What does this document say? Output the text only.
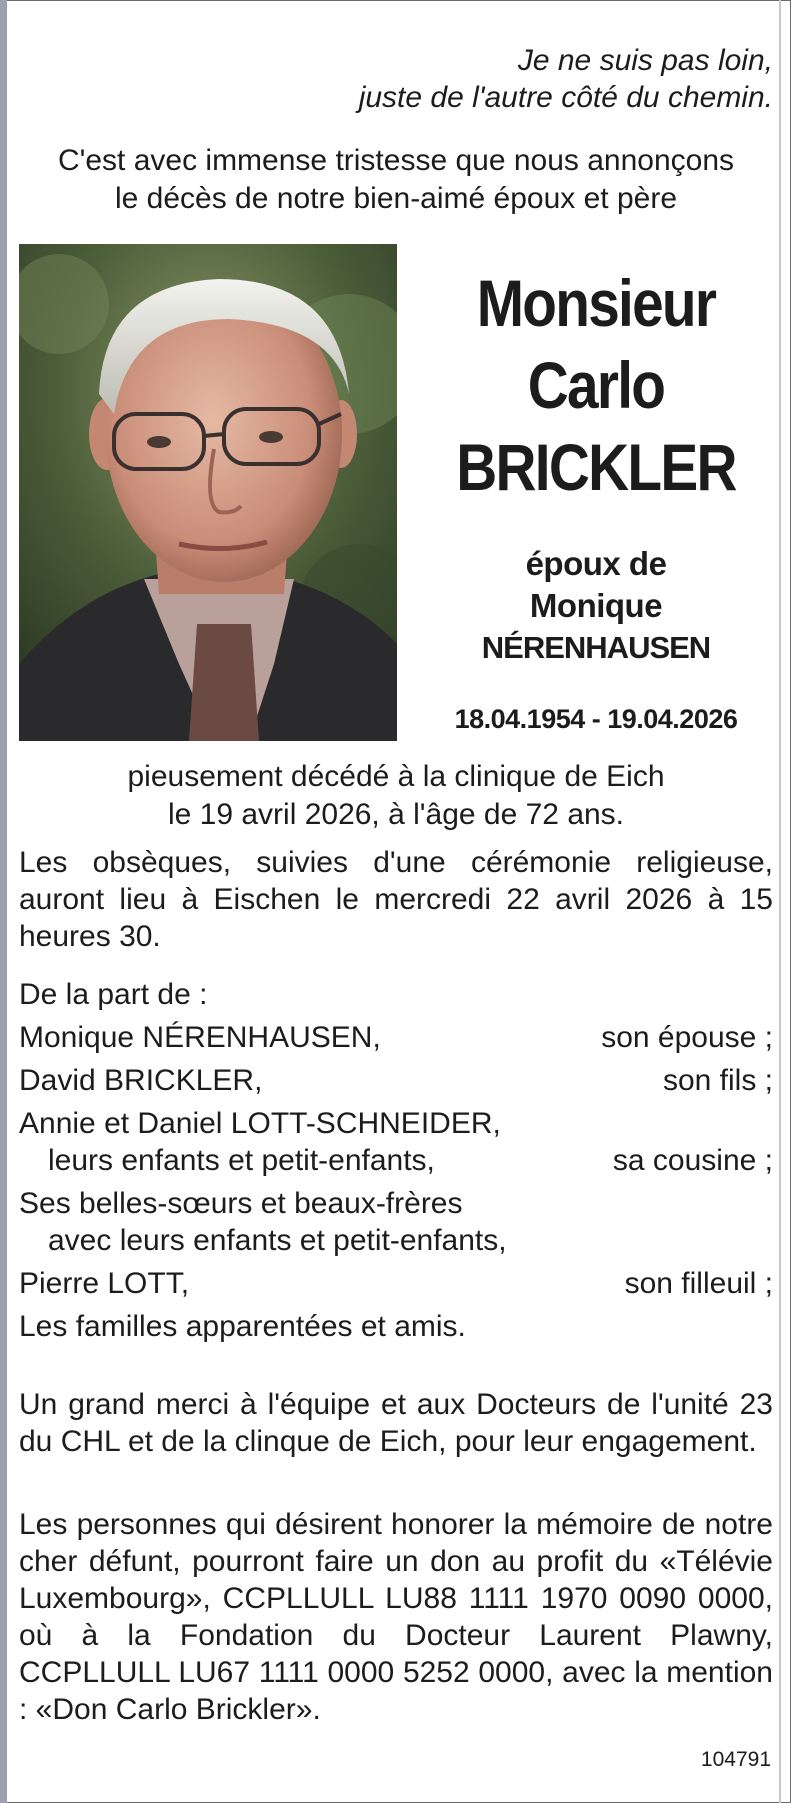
Je ne suis pas loin,
juste de l'autre côté du chemin.
C'est avec immense tristesse que nous annonçons
le décès de notre bien-aimé époux et père
Monsieur
Carlo
BRICKLER
époux de
Monique
NÉRENHAUSEN
18.04.1954 - 19.04.2026
pieusement décédé à la clinique de Eich
le 19 avril 2026, à l'âge de 72 ans.
Les obsèques, suivies d'une cérémonie religieuse, auront lieu à Eischen le mercredi 22 avril 2026 à 15 heures 30.
De la part de :
Monique NÉRENHAUSEN,	son épouse ;
David BRICKLER,	son fils ;
Annie et Daniel LOTT-SCHNEIDER,
leurs enfants et petit-enfants,	sa cousine ;
Ses belles-sœurs et beaux-frères
avec leurs enfants et petit-enfants,
Pierre LOTT,	son filleuil ;
Les familles apparentées et amis.
Un grand merci à l'équipe et aux Docteurs de l'unité 23 du CHL et de la clinque de Eich, pour leur engagement.
Les personnes qui désirent honorer la mémoire de notre cher défunt, pourront faire un don au profit du «Télévie Luxembourg», CCPLLULL LU88 1111 1970 0090 0000, où à la Fondation du Docteur Laurent Plawny, CCPLLULL LU67 1111 0000 5252 0000, avec la mention : «Don Carlo Brickler».
104791
